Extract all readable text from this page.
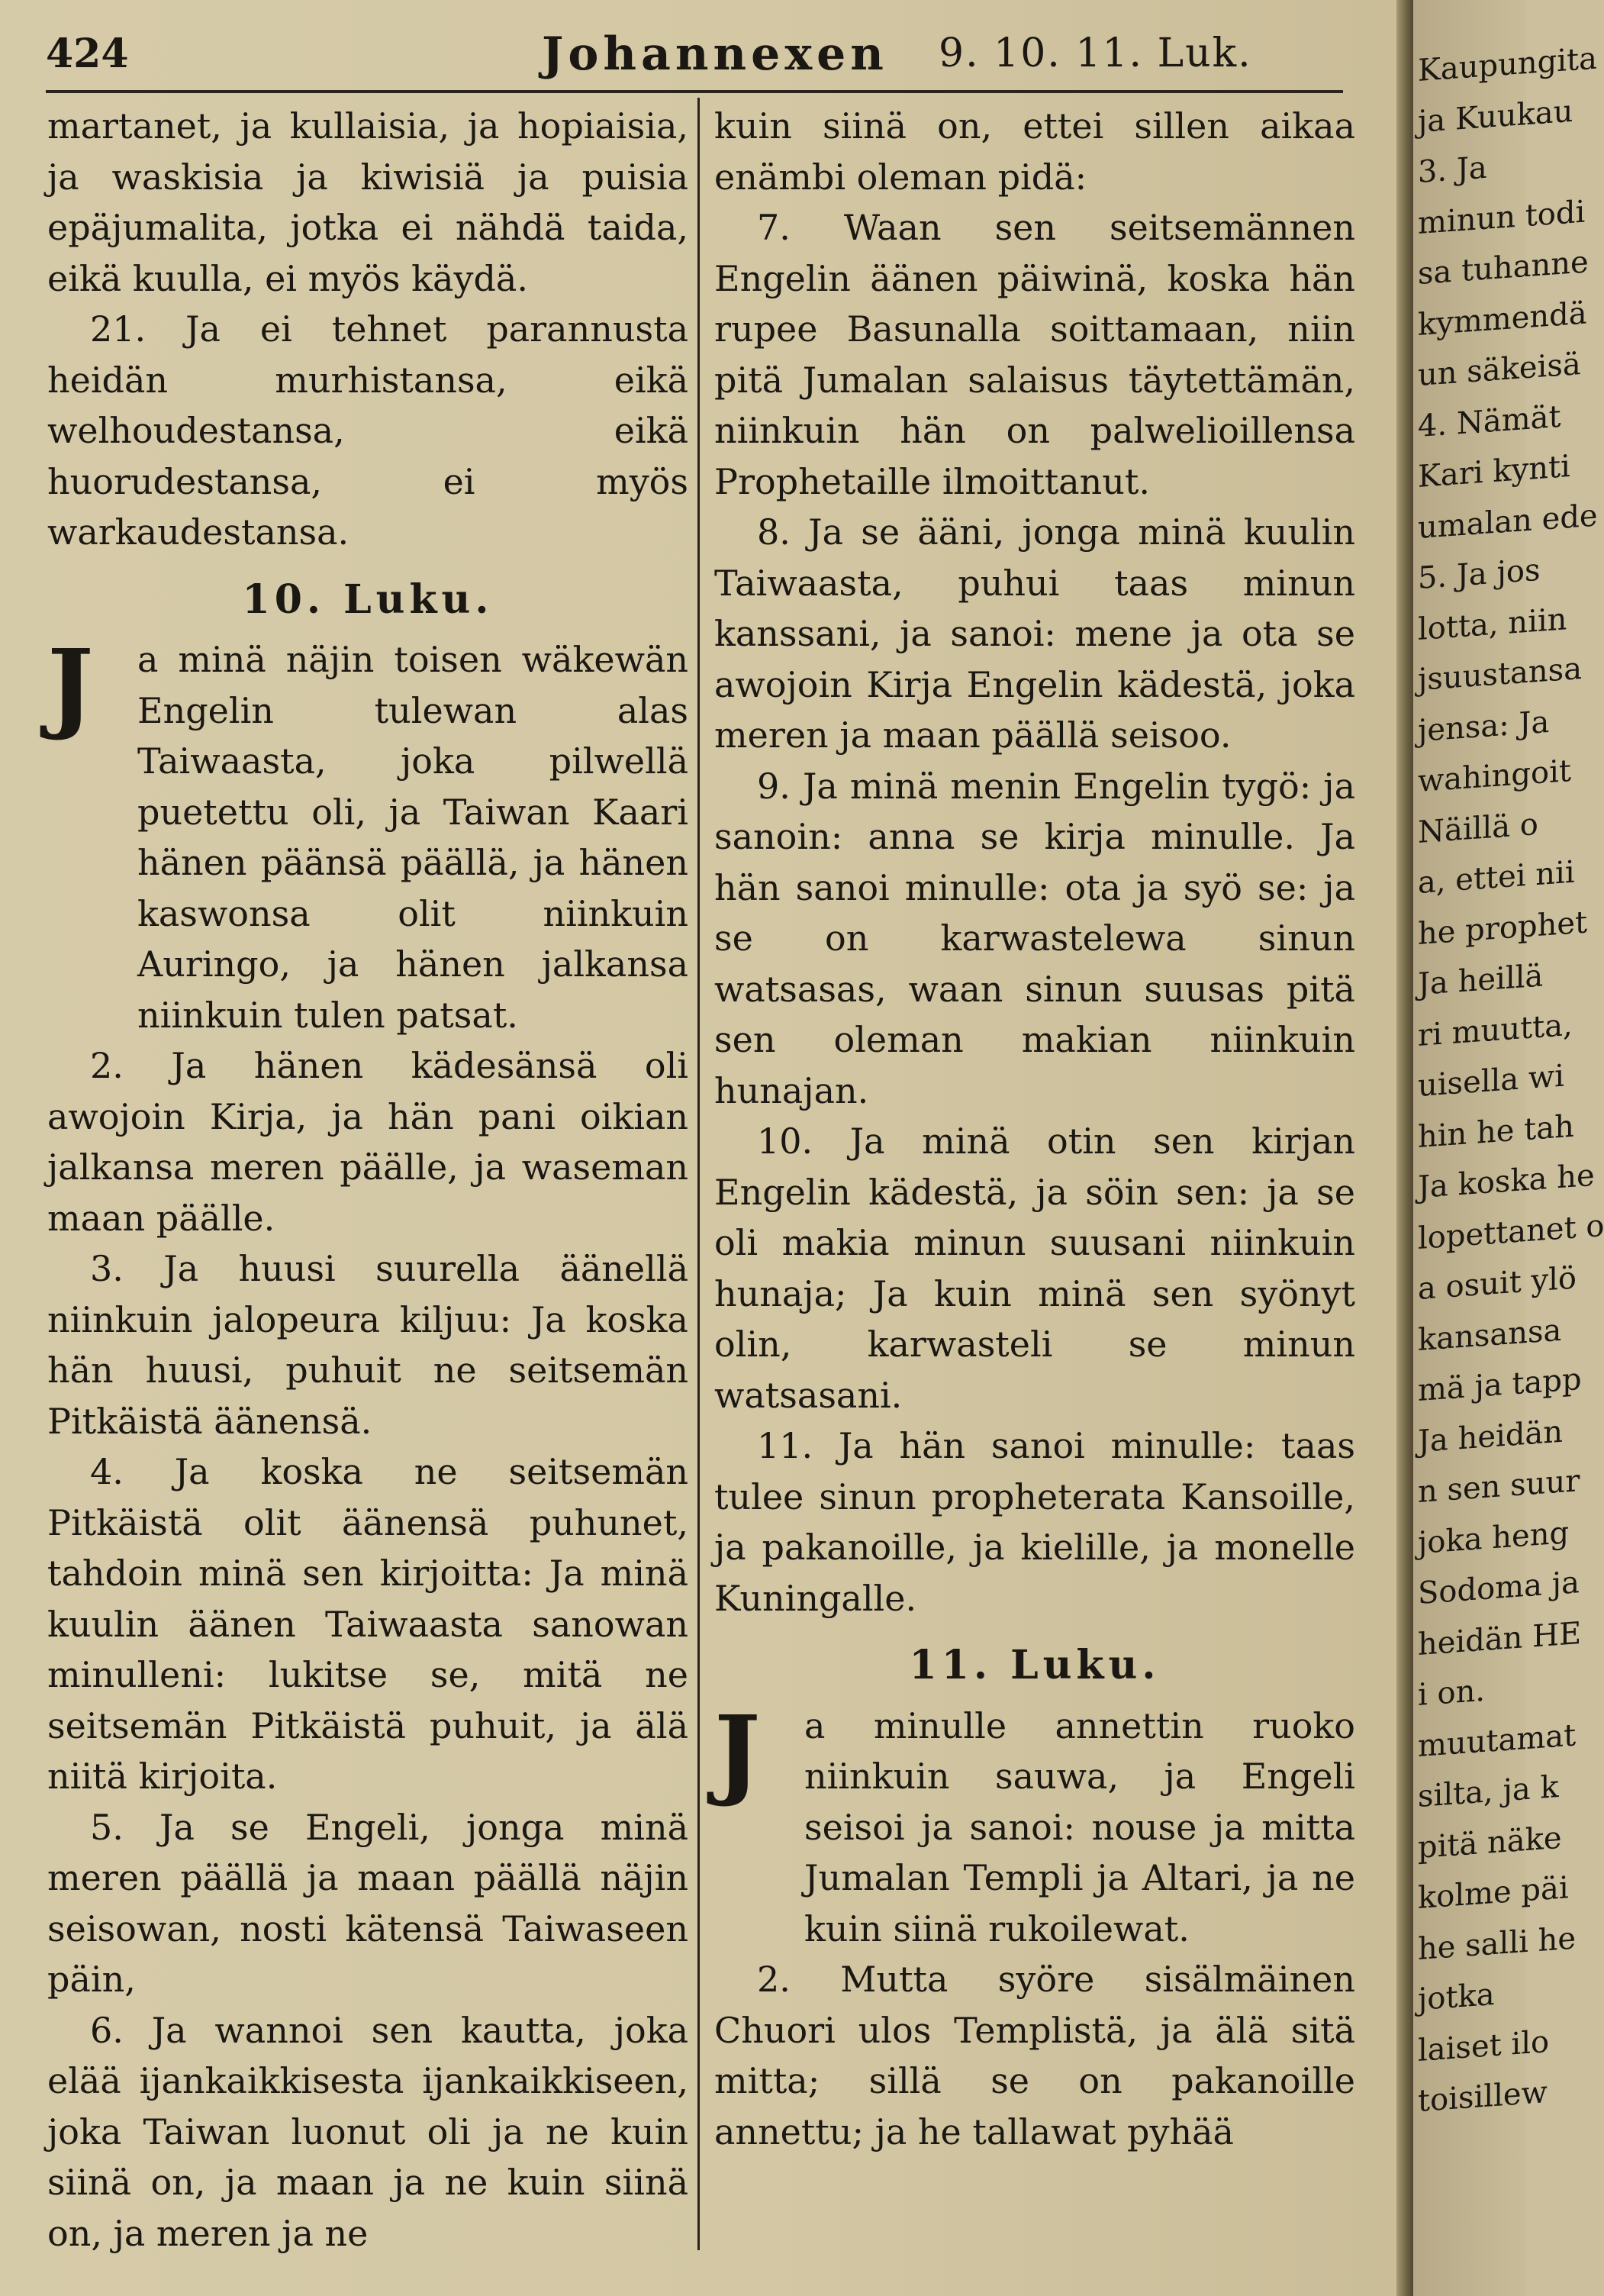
424	Johannexen 9. 10. 11. Luk.

martanet, ja kullaisia, ja hopiaisia, ja waskisia ja kiwisiä ja puisia epäjumalita, jotka ei nähdä taida, eikä kuulla, ei myös käydä.

21. Ja ei tehnet parannusta heidän murhistansa, eikä welhoudestansa, eikä huorudestansa, ei myös warkaudestansa.

10. Luku.

J a minä näjin toisen wäkewän Engelin tulewan alas Taiwaasta, joka pilwellä puetettu oli, ja Taiwan Kaari hänen päänsä päällä, ja hänen kaswonsa olit niinkuin Auringo, ja hänen jalkansa niinkuin tulen patsat.

2. Ja hänen kädesänsä oli awojoin Kirja, ja hän pani oikian jalkansa meren päälle, ja waseman maan päälle.

3. Ja huusi suurella äänellä niinkuin jalopeura kiljuu: Ja koska hän huusi, puhuit ne seitsemän Pitkäistä äänensä.

4. Ja koska ne seitsemän Pitkäistä olit äänensä puhunet, tahdoin minä sen kirjoitta: Ja minä kuulin äänen Taiwaasta sanowan minulleni: lukitse se, mitä ne seitsemän Pitkäistä puhuit, ja älä niitä kirjoita.

5. Ja se Engeli, jonga minä meren päällä ja maan päällä näjin seisowan, nosti kätensä Taiwaseen päin,

6. Ja wannoi sen kautta, joka elää ijankaikkisesta ijankaikkiseen, joka Taiwan luonut oli ja ne kuin siinä on, ja maan ja ne kuin siinä on, ja meren ja ne

kuin siinä on, ettei sillen aikaa enämbi oleman pidä:

7. Waan sen seitsemännen Engelin äänen päiwinä, koska hän rupee Basunalla soittamaan, niin pitä Jumalan salaisus täytettämän, niinkuin hän on palwelioillensa Prophetaille ilmoittanut.

8. Ja se ääni, jonga minä kuulin Taiwaasta, puhui taas minun kanssani, ja sanoi: mene ja ota se awojoin Kirja Engelin kädestä, joka meren ja maan päällä seisoo.

9. Ja minä menin Engelin tygö: ja sanoin: anna se kirja minulle. Ja hän sanoi minulle: ota ja syö se: ja se on karwastelewa sinun watsasas, waan sinun suusas pitä sen oleman makian niinkuin hunajan.

10. Ja minä otin sen kirjan Engelin kädestä, ja söin sen: ja se oli makia minun suusani niinkuin hunaja; Ja kuin minä sen syönyt olin, karwasteli se minun watsasani.

11. Ja hän sanoi minulle: taas tulee sinun propheterata Kansoille, ja pakanoille, ja kielille, ja monelle Kuningalle.

11. Luku.

J a minulle annettin ruoko niinkuin sauwa, ja Engeli seisoi ja sanoi: nouse ja mitta Jumalan Templi ja Altari, ja ne kuin siinä rukoilewat.

2. Mutta syöre sisälmäinen Chuori ulos Templistä, ja älä sitä mitta; sillä se on pakanoille annettu; ja he tallawat pyhää

Kaupungita
ja Kuukau
3. Ja
minun todi
sa tuhanne
kymmendä
un säkeisä
4. Nämät
Kari kynti
umalan ede
5. Ja jos
lotta, niin
jsuustansa
jensa: Ja
wahingoit
Näillä o
a, ettei nii
he prophet
Ja heillä
ri muutta,
uisella wi
hin he tah
Ja koska he
lopettanet o
a osuit ylö
kansansa
mä ja tapp
Ja heidän
n sen suur
joka heng
Sodoma ja
heidän HE
i on.
muutamat
silta, ja k
pitä näke
kolme päi
he salli he
jotka
laiset ilo
toisillew
